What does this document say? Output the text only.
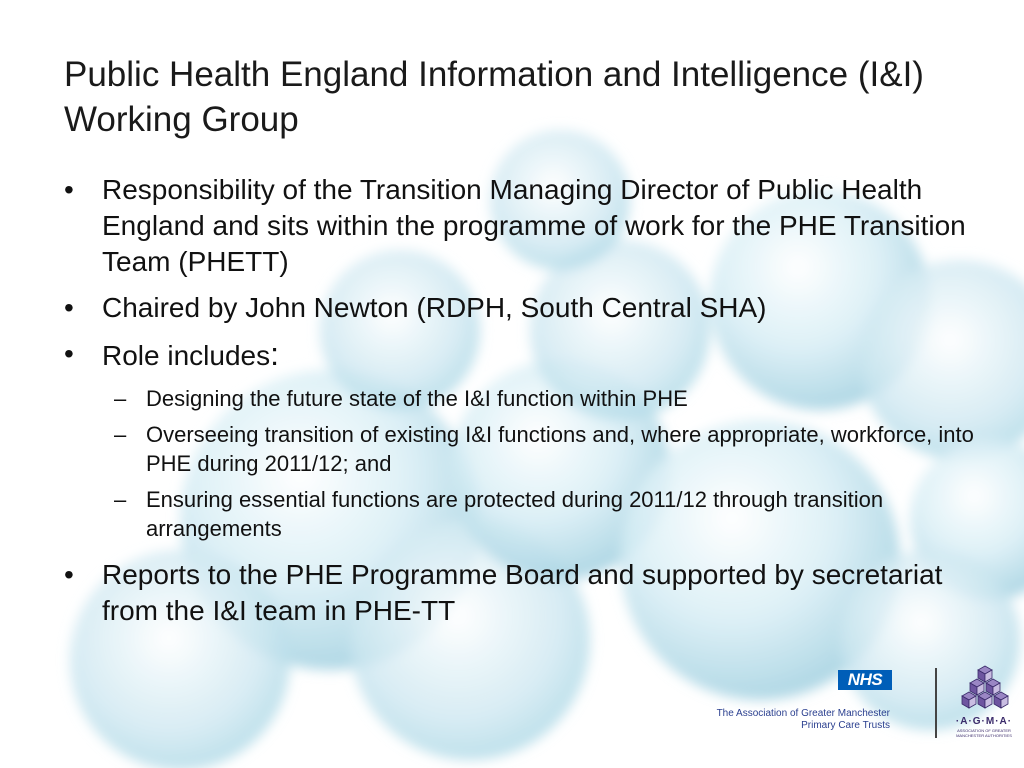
Public Health England Information and Intelligence (I&I) Working Group
• Responsibility of the Transition Managing Director of Public Health England and sits within the programme of work for the PHE Transition Team (PHETT)
• Chaired by John Newton (RDPH, South Central SHA)
• Role includes:
– Designing the future state of the I&I function within PHE
– Overseeing transition of existing I&I functions and, where appropriate, workforce, into PHE during 2011/12; and
– Ensuring essential functions are protected during 2011/12 through transition arrangements
• Reports to the PHE Programme Board and supported by secretariat from the I&I team in PHE-TT
NHS
The Association of Greater Manchester
Primary Care Trusts	·A·G·M·A·
ASSOCIATION OF GREATER MANCHESTER AUTHORITIES
